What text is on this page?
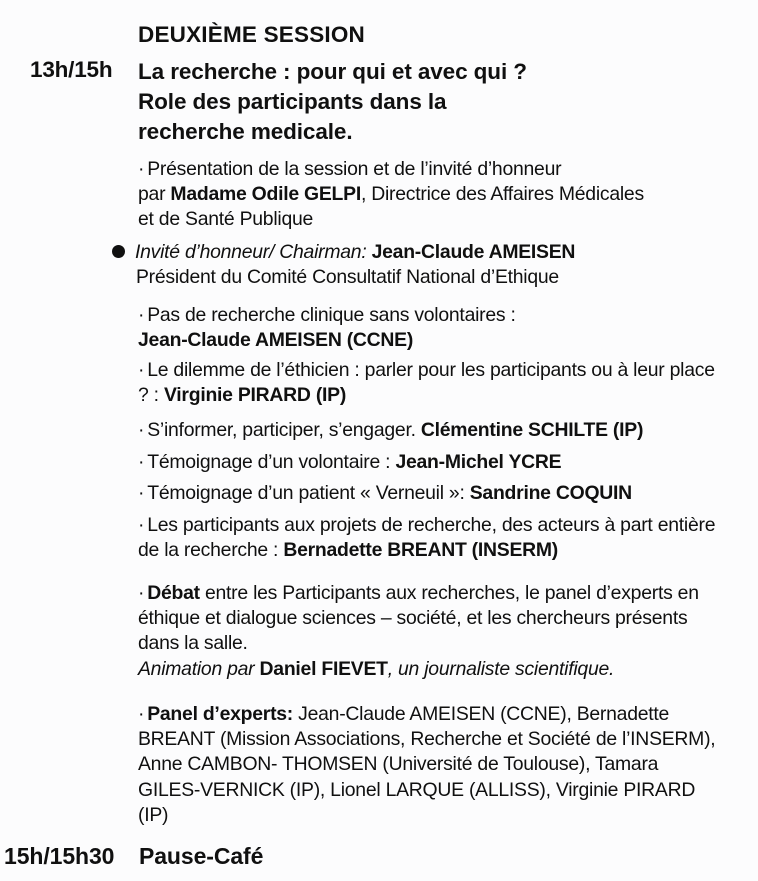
DEUXIÈME SESSION
13h/15h La recherche : pour qui et avec qui ?
Role des participants dans la
recherche medicale.
· Présentation de la session et de l’invité d’honneur
par Madame Odile GELPI, Directrice des Affaires Médicales
et de Santé Publique
Invité d’honneur/ Chairman: Jean-Claude AMEISEN
Président du Comité Consultatif National d’Ethique
· Pas de recherche clinique sans volontaires :
Jean-Claude AMEISEN (CCNE)
· Le dilemme de l’éthicien : parler pour les participants ou à leur place ? : Virginie PIRARD (IP)
· S’informer, participer, s’engager. Clémentine SCHILTE (IP)
· Témoignage d’un volontaire : Jean-Michel YCRE
· Témoignage d’un patient « Verneuil »: Sandrine COQUIN
· Les participants aux projets de recherche, des acteurs à part entière de la recherche : Bernadette BREANT (INSERM)
· Débat entre les Participants aux recherches, le panel d’experts en éthique et dialogue sciences – société, et les chercheurs présents dans la salle.
Animation par Daniel FIEVET, un journaliste scientifique.
· Panel d’experts: Jean-Claude AMEISEN (CCNE), Bernadette BREANT (Mission Associations, Recherche et Société de l’INSERM), Anne CAMBON- THOMSEN (Université de Toulouse), Tamara GILES-VERNICK (IP), Lionel LARQUE (ALLISS), Virginie PIRARD (IP)
15h/15h30 Pause-Café
